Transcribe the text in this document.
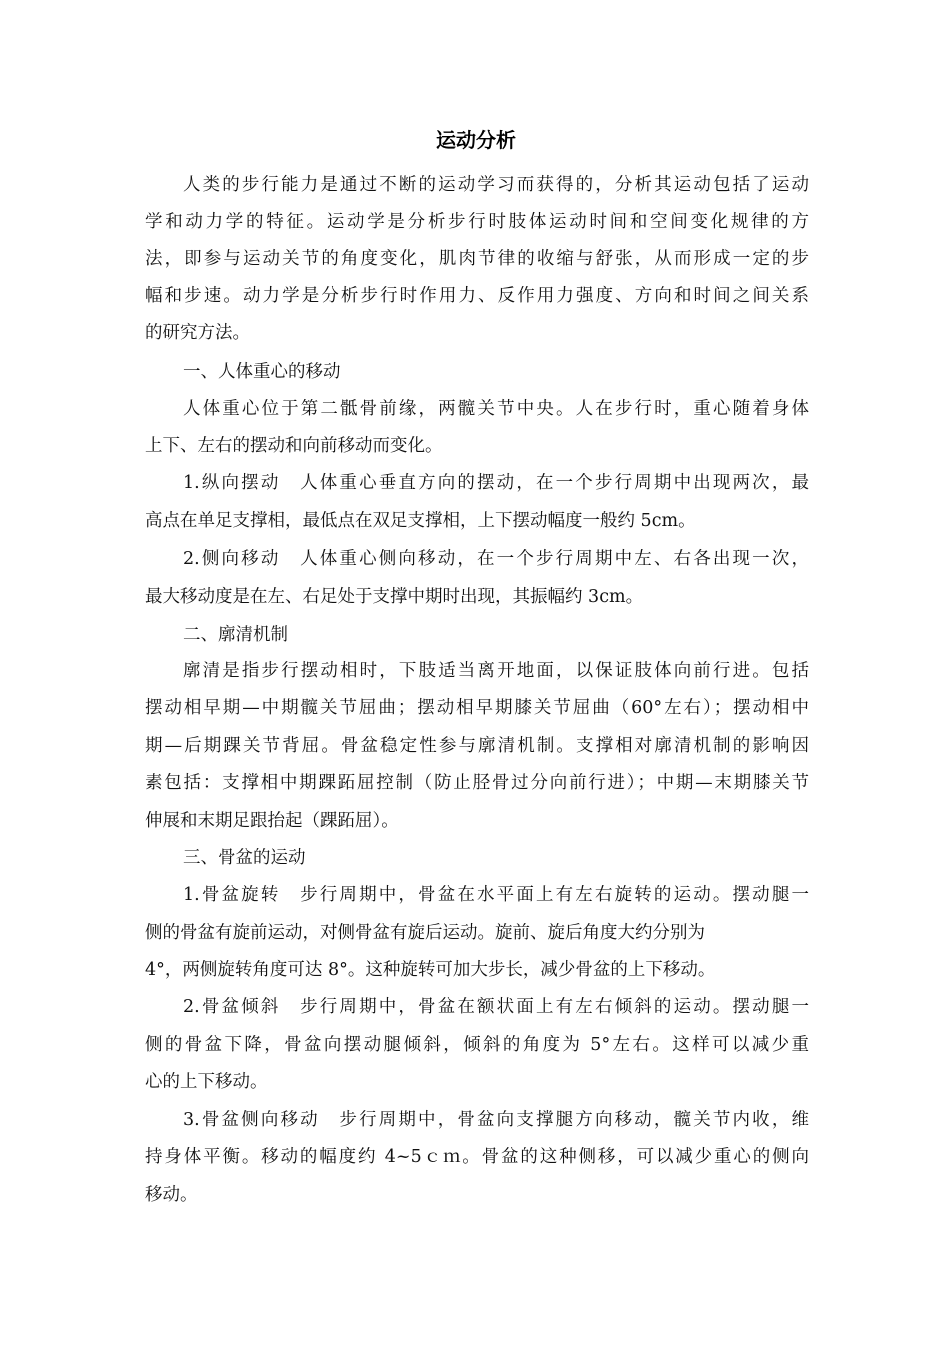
运动分析

人类的步行能力是通过不断的运动学习而获得的，分析其运动包括了运动

学和动力学的特征。运动学是分析步行时肢体运动时间和空间变化规律的方

法，即参与运动关节的角度变化，肌肉节律的收缩与舒张，从而形成一定的步

幅和步速。动力学是分析步行时作用力、反作用力强度、方向和时间之间关系

的研究方法。

一、人体重心的移动

人体重心位于第二骶骨前缘，两髋关节中央。人在步行时，重心随着身体

上下、左右的摆动和向前移动而变化。

1.纵向摆动　人体重心垂直方向的摆动，在一个步行周期中出现两次，最

高点在单足支撑相，最低点在双足支撑相，上下摆动幅度一般约 5cm。

2.侧向移动　人体重心侧向移动，在一个步行周期中左、右各出现一次，

最大移动度是在左、右足处于支撑中期时出现，其振幅约 3cm。

二、廓清机制

廓清是指步行摆动相时，下肢适当离开地面，以保证肢体向前行进。包括

摆动相早期—中期髋关节屈曲；摆动相早期膝关节屈曲（60°左右）；摆动相中

期—后期踝关节背屈。骨盆稳定性参与廓清机制。支撑相对廓清机制的影响因

素包括：支撑相中期踝跖屈控制（防止胫骨过分向前行进）；中期—末期膝关节

伸展和末期足跟抬起（踝跖屈）。

三、骨盆的运动

1.骨盆旋转　步行周期中，骨盆在水平面上有左右旋转的运动。摆动腿一

侧的骨盆有旋前运动，对侧骨盆有旋后运动。旋前、旋后角度大约分别为

4°，两侧旋转角度可达 8°。这种旋转可加大步长，减少骨盆的上下移动。

2.骨盆倾斜　步行周期中，骨盆在额状面上有左右倾斜的运动。摆动腿一

侧的骨盆下降，骨盆向摆动腿倾斜，倾斜的角度为 5°左右。这样可以减少重

心的上下移动。

3.骨盆侧向移动　步行周期中，骨盆向支撑腿方向移动，髋关节内收，维

持身体平衡。移动的幅度约 4~5ｃｍ。骨盆的这种侧移，可以减少重心的侧向

移动。
